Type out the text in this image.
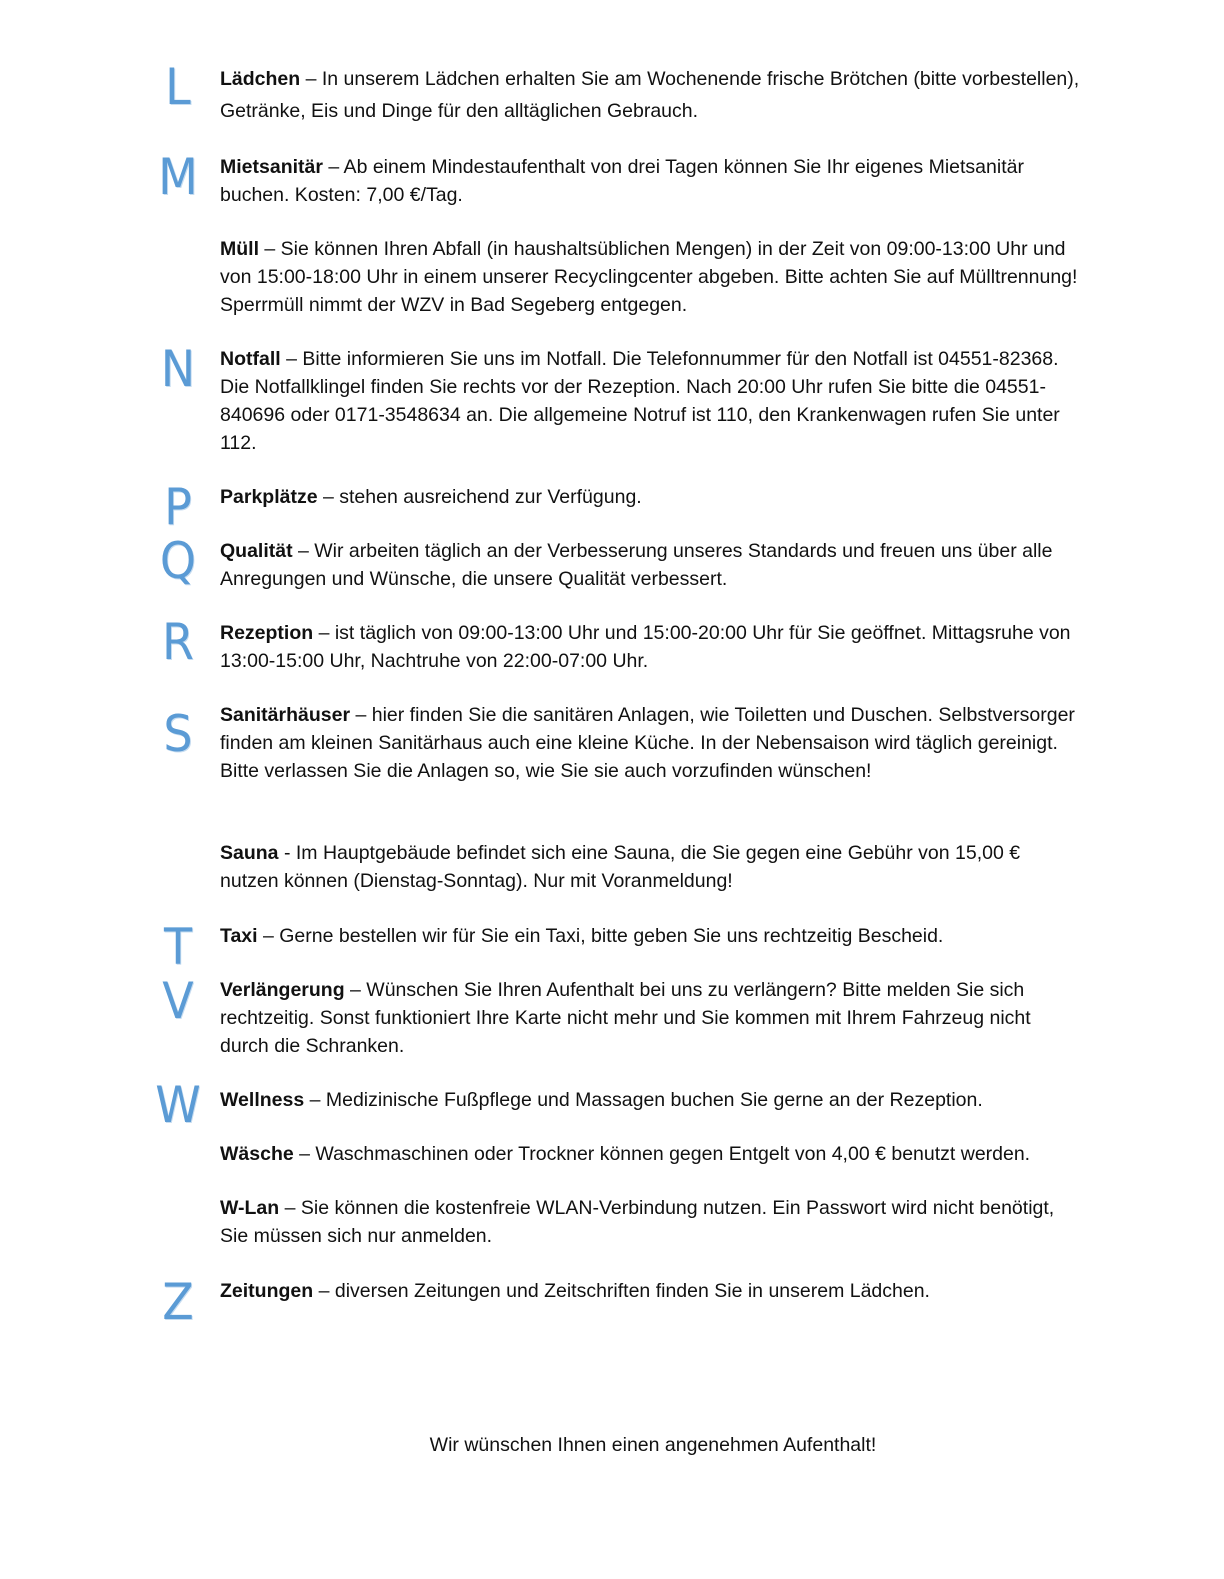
L
M
N
P
Q
R
S
T
V
W
Z

Lädchen – In unserem Lädchen erhalten Sie am Wochenende frische Brötchen (bitte vorbestellen), Getränke, Eis und Dinge für den alltäglichen Gebrauch.

Mietsanitär – Ab einem Mindestaufenthalt von drei Tagen können Sie Ihr eigenes Mietsanitär buchen. Kosten: 7,00 €/Tag.

Müll – Sie können Ihren Abfall (in haushaltsüblichen Mengen) in der Zeit von 09:00-13:00 Uhr und von 15:00-18:00 Uhr in einem unserer Recyclingcenter abgeben. Bitte achten Sie auf Mülltrennung! Sperrmüll nimmt der WZV in Bad Segeberg entgegen.

Notfall – Bitte informieren Sie uns im Notfall. Die Telefonnummer für den Notfall ist 04551-82368. Die Notfallklingel finden Sie rechts vor der Rezeption. Nach 20:00 Uhr rufen Sie bitte die 04551-840696 oder 0171-3548634 an. Die allgemeine Notruf ist 110, den Krankenwagen rufen Sie unter 112.

Parkplätze – stehen ausreichend zur Verfügung.

Qualität – Wir arbeiten täglich an der Verbesserung unseres Standards und freuen uns über alle Anregungen und Wünsche, die unsere Qualität verbessert.

Rezeption – ist täglich von 09:00-13:00 Uhr und 15:00-20:00 Uhr für Sie geöffnet. Mittagsruhe von 13:00-15:00 Uhr, Nachtruhe von 22:00-07:00 Uhr.

Sanitärhäuser – hier finden Sie die sanitären Anlagen, wie Toiletten und Duschen. Selbstversorger finden am kleinen Sanitärhaus auch eine kleine Küche. In der Nebensaison wird täglich gereinigt. Bitte verlassen Sie die Anlagen so, wie Sie sie auch vorzufinden wünschen!

Sauna - Im Hauptgebäude befindet sich eine Sauna, die Sie gegen eine Gebühr von 15,00 € nutzen können (Dienstag-Sonntag). Nur mit Voranmeldung!

Taxi – Gerne bestellen wir für Sie ein Taxi, bitte geben Sie uns rechtzeitig Bescheid.

Verlängerung – Wünschen Sie Ihren Aufenthalt bei uns zu verlängern? Bitte melden Sie sich rechtzeitig. Sonst funktioniert Ihre Karte nicht mehr und Sie kommen mit Ihrem Fahrzeug nicht durch die Schranken.

Wellness – Medizinische Fußpflege und Massagen buchen Sie gerne an der Rezeption.

Wäsche – Waschmaschinen oder Trockner können gegen Entgelt von 4,00 € benutzt werden.

W-Lan – Sie können die kostenfreie WLAN-Verbindung nutzen. Ein Passwort wird nicht benötigt, Sie müssen sich nur anmelden.

Zeitungen – diversen Zeitungen und Zeitschriften finden Sie in unserem Lädchen.

Wir wünschen Ihnen einen angenehmen Aufenthalt!
